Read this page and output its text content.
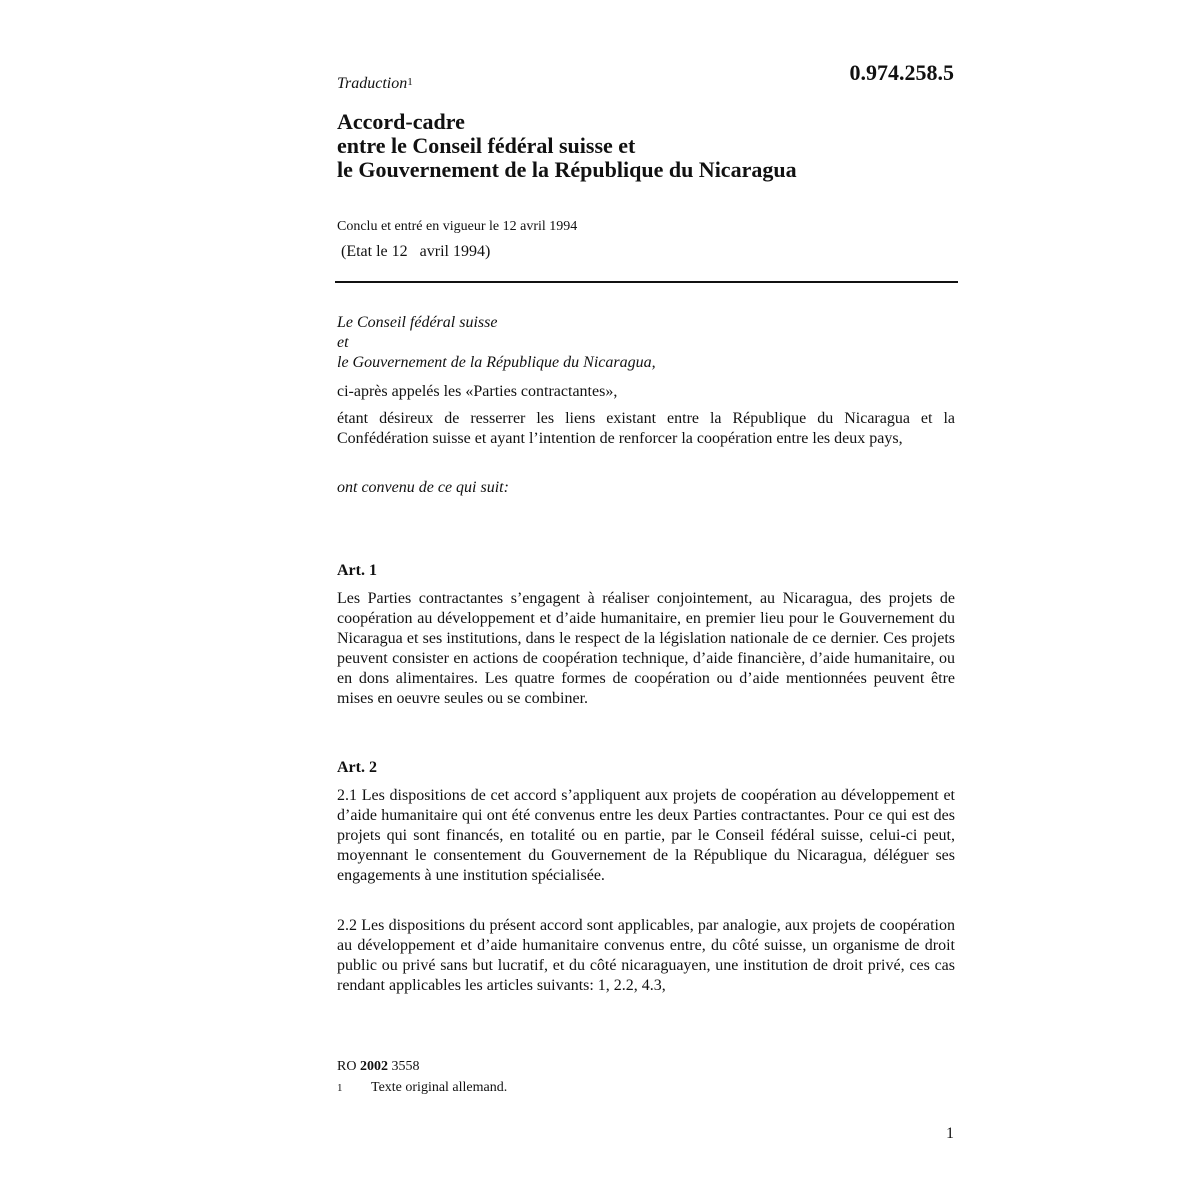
0.974.258.5
Traduction$^1$
Accord-cadre
entre le Conseil fédéral suisse et
le Gouvernement de la République du Nicaragua
Conclu et entré en vigueur le 12 avril 1994
(Etat le 12   avril 1994)
Le Conseil fédéral suisse
et
le Gouvernement de la République du Nicaragua,
ci-après appelés les «Parties contractantes»,
étant désireux de resserrer les liens existant entre la République du Nicaragua et la Confédération suisse et ayant l’intention de renforcer la coopération entre les deux pays,
ont convenu de ce qui suit:
Art. 1
Les Parties contractantes s’engagent à réaliser conjointement, au Nicaragua, des projets de coopération au développement et d’aide humanitaire, en premier lieu pour le Gouvernement du Nicaragua et ses institutions, dans le respect de la législation nationale de ce dernier. Ces projets peuvent consister en actions de coopération technique, d’aide financière, d’aide humanitaire, ou en dons alimentaires. Les quatre formes de coopération ou d’aide mentionnées peuvent être mises en oeuvre seules ou se combiner.
Art. 2
2.1 Les dispositions de cet accord s’appliquent aux projets de coopération au développement et d’aide humanitaire qui ont été convenus entre les deux Parties contractantes. Pour ce qui est des projets qui sont financés, en totalité ou en partie, par le Conseil fédéral suisse, celui-ci peut, moyennant le consentement du Gouvernement de la République du Nicaragua, déléguer ses engagements à une institution spécialisée.
2.2 Les dispositions du présent accord sont applicables, par analogie, aux projets de coopération au développement et d’aide humanitaire convenus entre, du côté suisse, un organisme de droit public ou privé sans but lucratif, et du côté nicaraguayen, une institution de droit privé, ces cas rendant applicables les articles suivants: 1, 2.2, 4.3,
RO 2002 3558
1 Texte original allemand.
1
